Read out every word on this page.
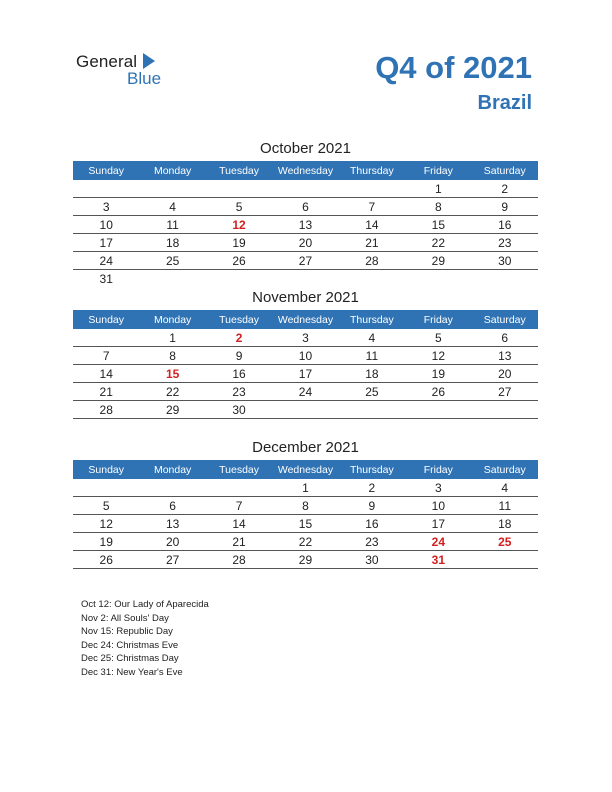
General
Blue	Q4 of 2021
Brazil
October 2021
Sunday	Monday	Tuesday	Wednesday	Thursday	Friday	Saturday
					1	2
3	4	5	6	7	8	9
10	11	12	13	14	15	16
17	18	19	20	21	22	23
24	25	26	27	28	29	30
31						
November 2021
Sunday	Monday	Tuesday	Wednesday	Thursday	Friday	Saturday
	1	2	3	4	5	6
7	8	9	10	11	12	13
14	15	16	17	18	19	20
21	22	23	24	25	26	27
28	29	30				
December 2021
Sunday	Monday	Tuesday	Wednesday	Thursday	Friday	Saturday
			1	2	3	4
5	6	7	8	9	10	11
12	13	14	15	16	17	18
19	20	21	22	23	24	25
26	27	28	29	30	31	
Oct 12: Our Lady of Aparecida
Nov 2: All Souls' Day
Nov 15: Republic Day
Dec 24: Christmas Eve
Dec 25: Christmas Day
Dec 31: New Year's Eve
